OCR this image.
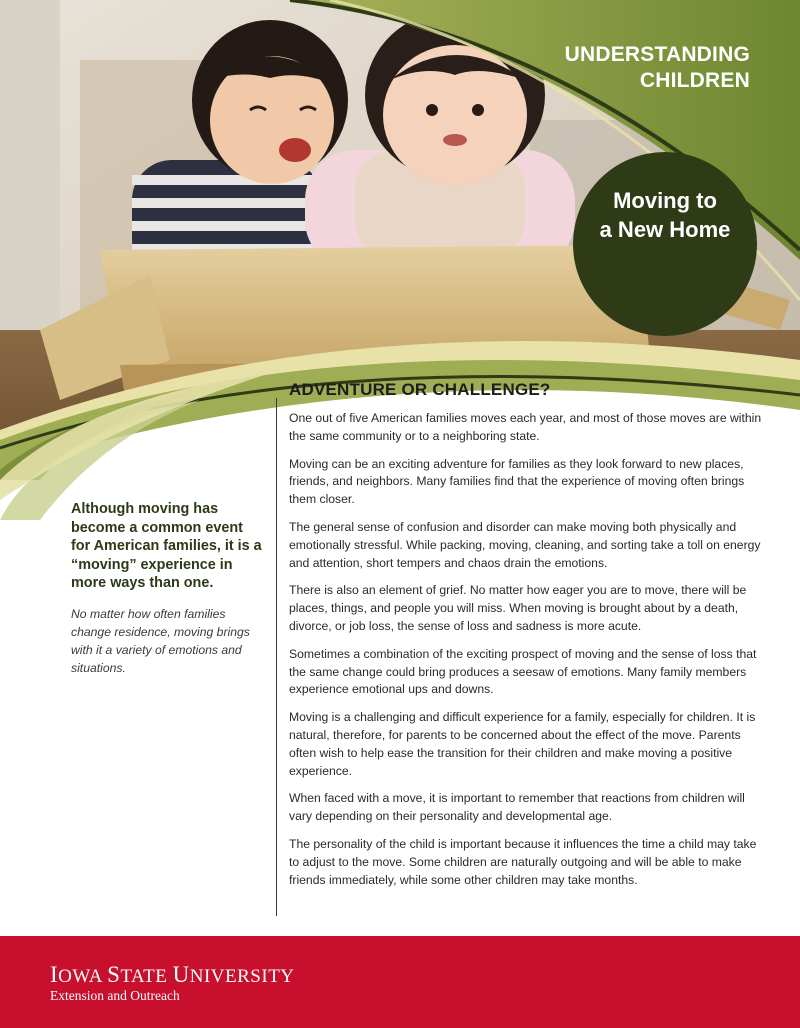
UNDERSTANDING
CHILDREN
Moving to
a New Home
ADVENTURE OR CHALLENGE?

One out of five American families moves each year, and most of those moves are within the same community or to a neighboring state.

Moving can be an exciting adventure for families as they look forward to new places, friends, and neighbors. Many families find that the experience of moving often brings them closer.

The general sense of confusion and disorder can make moving both physically and emotionally stressful. While packing, moving, cleaning, and sorting take a toll on energy and attention, short tempers and chaos drain the emotions.

There is also an element of grief. No matter how eager you are to move, there will be places, things, and people you will miss. When moving is brought about by a death, divorce, or job loss, the sense of loss and sadness is more acute.

Sometimes a combination of the exciting prospect of moving and the sense of loss that the same change could bring produces a seesaw of emotions. Many family members experience emotional ups and downs.

Moving is a challenging and difficult experience for a family, especially for children. It is natural, therefore, for parents to be concerned about the effect of the move. Parents often wish to help ease the transition for their children and make moving a positive experience.

When faced with a move, it is important to remember that reactions from children will vary depending on their personality and developmental age.

The personality of the child is important because it influences the time a child may take to adjust to the move. Some children are naturally outgoing and will be able to make friends immediately, while some other children may take months.

Although moving has become a common event for American families, it is a “moving” experience in more ways than one.
No matter how often families change residence, moving brings with it a variety of emotions and situations.
IOWA STATE UNIVERSITY
Extension and Outreach
